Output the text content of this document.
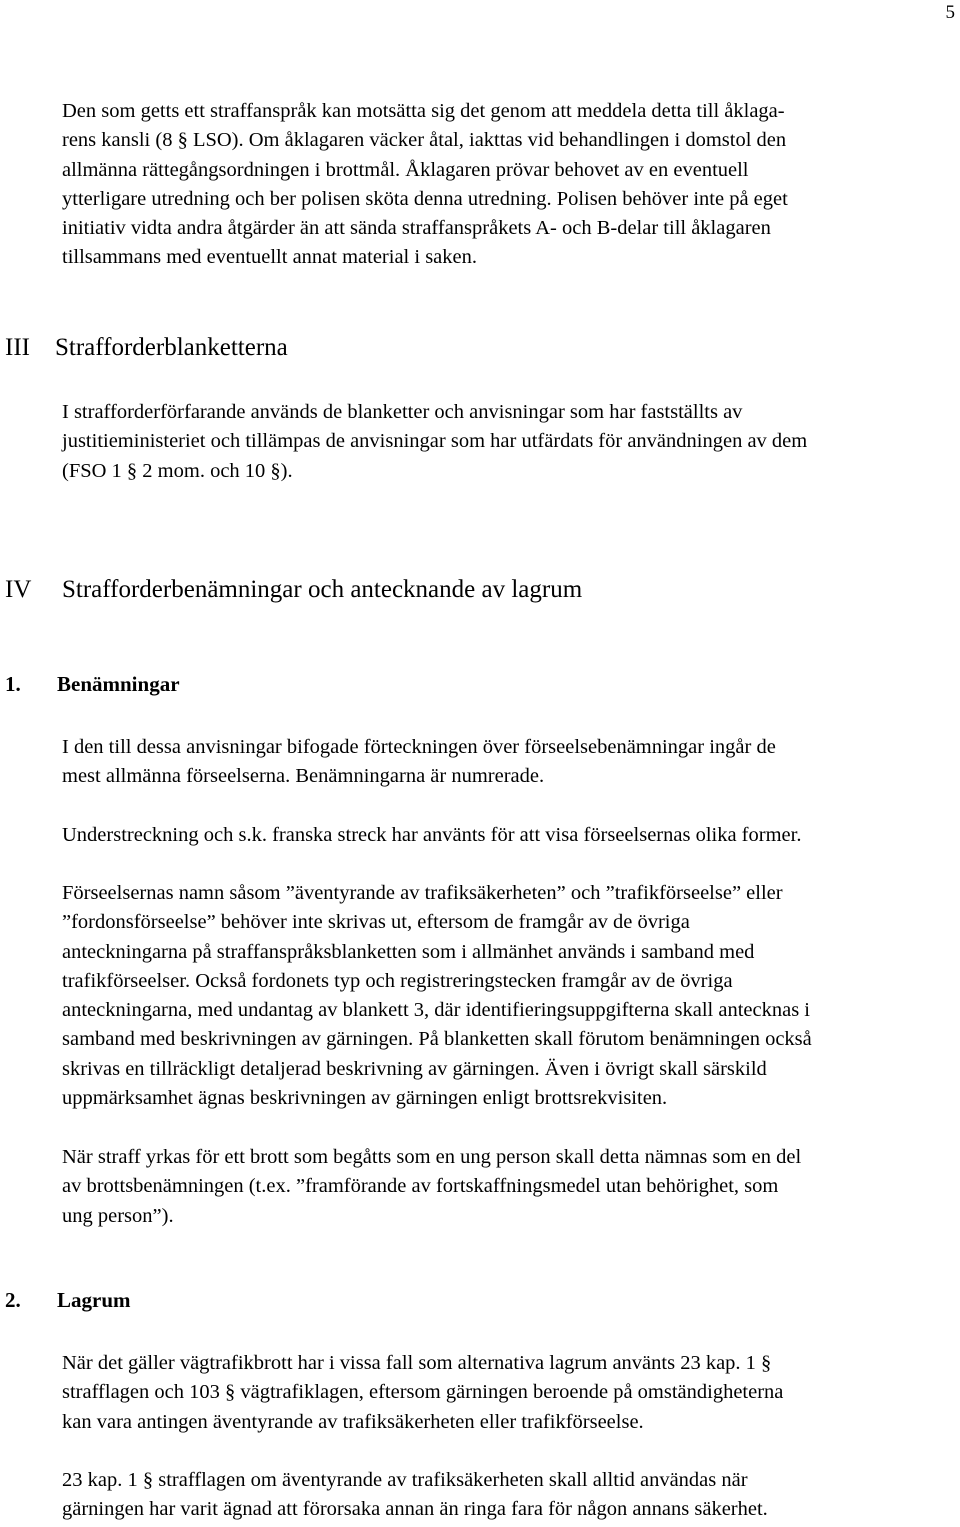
5
Den som getts ett straffanspråk kan motsätta sig det genom att meddela detta till åklaga-
rens kansli (8 § LSO). Om åklagaren väcker åtal, iakttas vid behandlingen i domstol den
allmänna rättegångsordningen i brottmål. Åklagaren prövar behovet av en eventuell
ytterligare utredning och ber polisen sköta denna utredning. Polisen behöver inte på eget
initiativ vidta andra åtgärder än att sända straffanspråkets A- och B-delar till åklagaren
tillsammans med eventuellt annat material i saken.
III Strafforderblanketterna
I strafforderförfarande används de blanketter och anvisningar som har fastställts av
justitieministeriet och tillämpas de anvisningar som har utfärdats för användningen av dem
(FSO 1 § 2 mom. och 10 §).
IV Strafforderbenämningar och antecknande av lagrum
1. Benämningar
I den till dessa anvisningar bifogade förteckningen över förseelsebenämningar ingår de
mest allmänna förseelserna. Benämningarna är numrerade.
Understreckning och s.k. franska streck har använts för att visa förseelsernas olika former.
Förseelsernas namn såsom ”äventyrande av trafiksäkerheten” och ”trafikförseelse” eller
”fordonsförseelse” behöver inte skrivas ut, eftersom de framgår av de övriga
anteckningarna på straffanspråksblanketten som i allmänhet används i samband med
trafikförseelser. Också fordonets typ och registreringstecken framgår av de övriga
anteckningarna, med undantag av blankett 3, där identifieringsuppgifterna skall antecknas i
samband med beskrivningen av gärningen. På blanketten skall förutom benämningen också
skrivas en tillräckligt detaljerad beskrivning av gärningen. Även i övrigt skall särskild
uppmärksamhet ägnas beskrivningen av gärningen enligt brottsrekvisiten.
När straff yrkas för ett brott som begåtts som en ung person skall detta nämnas som en del
av brottsbenämningen (t.ex. ”framförande av fortskaffningsmedel utan behörighet, som
ung person”).
2. Lagrum
När det gäller vägtrafikbrott har i vissa fall som alternativa lagrum använts 23 kap. 1 §
strafflagen och 103 § vägtrafiklagen, eftersom gärningen beroende på omständigheterna
kan vara antingen äventyrande av trafiksäkerheten eller trafikförseelse.
23 kap. 1 § strafflagen om äventyrande av trafiksäkerheten skall alltid användas när
gärningen har varit ägnad att förorsaka annan än ringa fara för någon annans säkerhet.
